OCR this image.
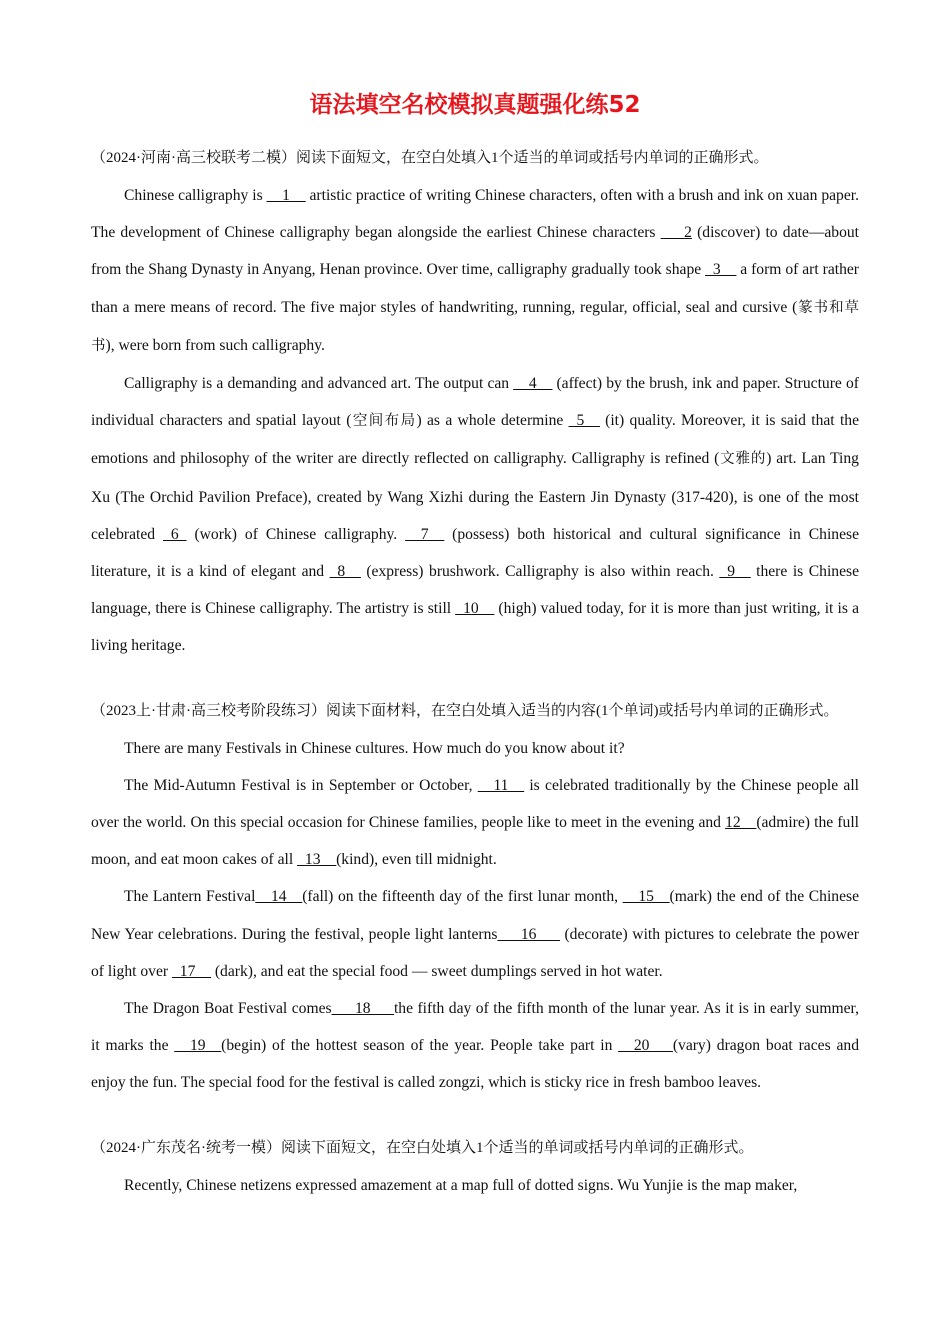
语法填空名校模拟真题强化练52

（2024·河南·高三校联考二模）阅读下面短文，在空白处填入1个适当的单词或括号内单词的正确形式。

Chinese calligraphy is __1__ artistic practice of writing Chinese characters, often with a brush and ink on xuan paper. The development of Chinese calligraphy began alongside the earliest Chinese characters ___2 (discover) to date—about from the Shang Dynasty in Anyang, Henan province. Over time, calligraphy gradually took shape _3__ a form of art rather than a mere means of record. The five major styles of handwriting, running, regular, official, seal and cursive (篆书和草书), were born from such calligraphy.

Calligraphy is a demanding and advanced art. The output can __4__ (affect) by the brush, ink and paper. Structure of individual characters and spatial layout (空间布局) as a whole determine _5__ (it) quality. Moreover, it is said that the emotions and philosophy of the writer are directly reflected on calligraphy. Calligraphy is refined (文雅的) art. Lan Ting Xu (The Orchid Pavilion Preface), created by Wang Xizhi during the Eastern Jin Dynasty (317-420), is one of the most celebrated _6_ (work) of Chinese calligraphy. __7__ (possess) both historical and cultural significance in Chinese literature, it is a kind of elegant and _8__ (express) brushwork. Calligraphy is also within reach. _9__ there is Chinese language, there is Chinese calligraphy. The artistry is still _10__ (high) valued today, for it is more than just writing, it is a living heritage.

（2023上·甘肃·高三校考阶段练习）阅读下面材料，在空白处填入适当的内容(1个单词)或括号内单词的正确形式。

There are many Festivals in Chinese cultures. How much do you know about it?

The Mid-Autumn Festival is in September or October, __11__ is celebrated traditionally by the Chinese people all over the world. On this special occasion for Chinese families, people like to meet in the evening and 12__(admire) the full moon, and eat moon cakes of all _13__(kind), even till midnight.

The Lantern Festival__14__(fall) on the fifteenth day of the first lunar month, __15__(mark) the end of the Chinese New Year celebrations. During the festival, people light lanterns___16___ (decorate) with pictures to celebrate the power of light over _17__ (dark), and eat the special food — sweet dumplings served in hot water.

The Dragon Boat Festival comes___18___the fifth day of the fifth month of the lunar year. As it is in early summer, it marks the __19__(begin) of the hottest season of the year. People take part in __20___(vary) dragon boat races and enjoy the fun. The special food for the festival is called zongzi, which is sticky rice in fresh bamboo leaves.

（2024·广东茂名·统考一模）阅读下面短文，在空白处填入1个适当的单词或括号内单词的正确形式。

Recently, Chinese netizens expressed amazement at a map full of dotted signs. Wu Yunjie is the map maker,
